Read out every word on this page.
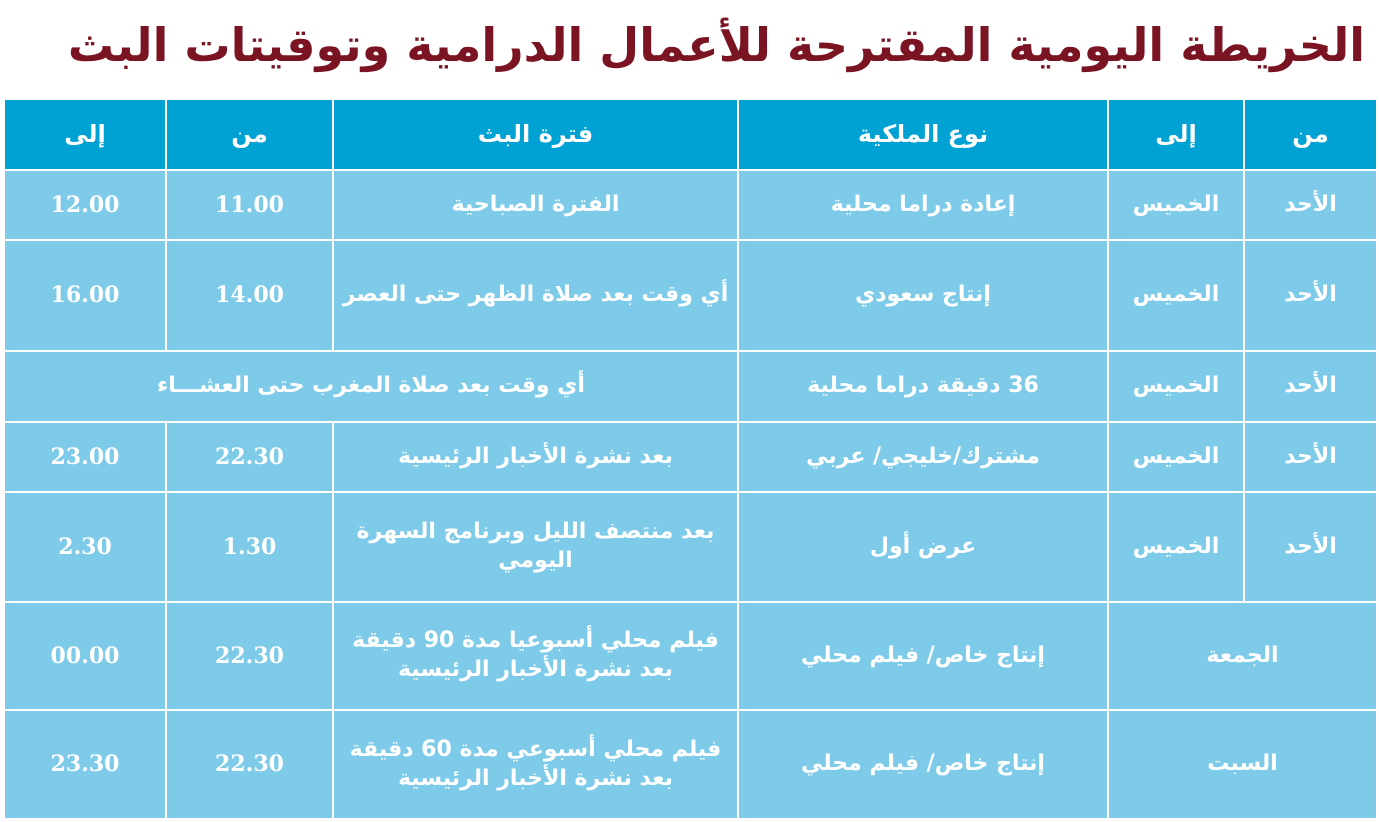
الخريطة اليومية المقترحة للأعمال الدرامية وتوقيتات البث
من	إلى	نوع الملكية	فترة البث	من	إلى
الأحد	الخميس	إعادة دراما محلية	الفترة الصباحية	11.00	12.00
الأحد	الخميس	إنتاج سعودي	أي وقت بعد صلاة الظهر حتى العصر	14.00	16.00
الأحد	الخميس	36 دقيقة دراما محلية	أي وقت بعد صلاة المغرب حتى العشـــاء		
الأحد	الخميس	مشترك/خليجي/ عربي	بعد نشرة الأخبار الرئيسية	22.30	23.00
الأحد	الخميس	عرض أول	بعد منتصف الليل وبرنامج السهرة اليومي	1.30	2.30
الجمعة		إنتاج خاص/ فيلم محلي	فيلم محلي أسبوعيا مدة 90 دقيقة بعد نشرة الأخبار الرئيسية	22.30	00.00
السبت		إنتاج خاص/ فيلم محلي	فيلم محلي أسبوعي مدة 60 دقيقة بعد نشرة الأخبار الرئيسية	22.30	23.30
